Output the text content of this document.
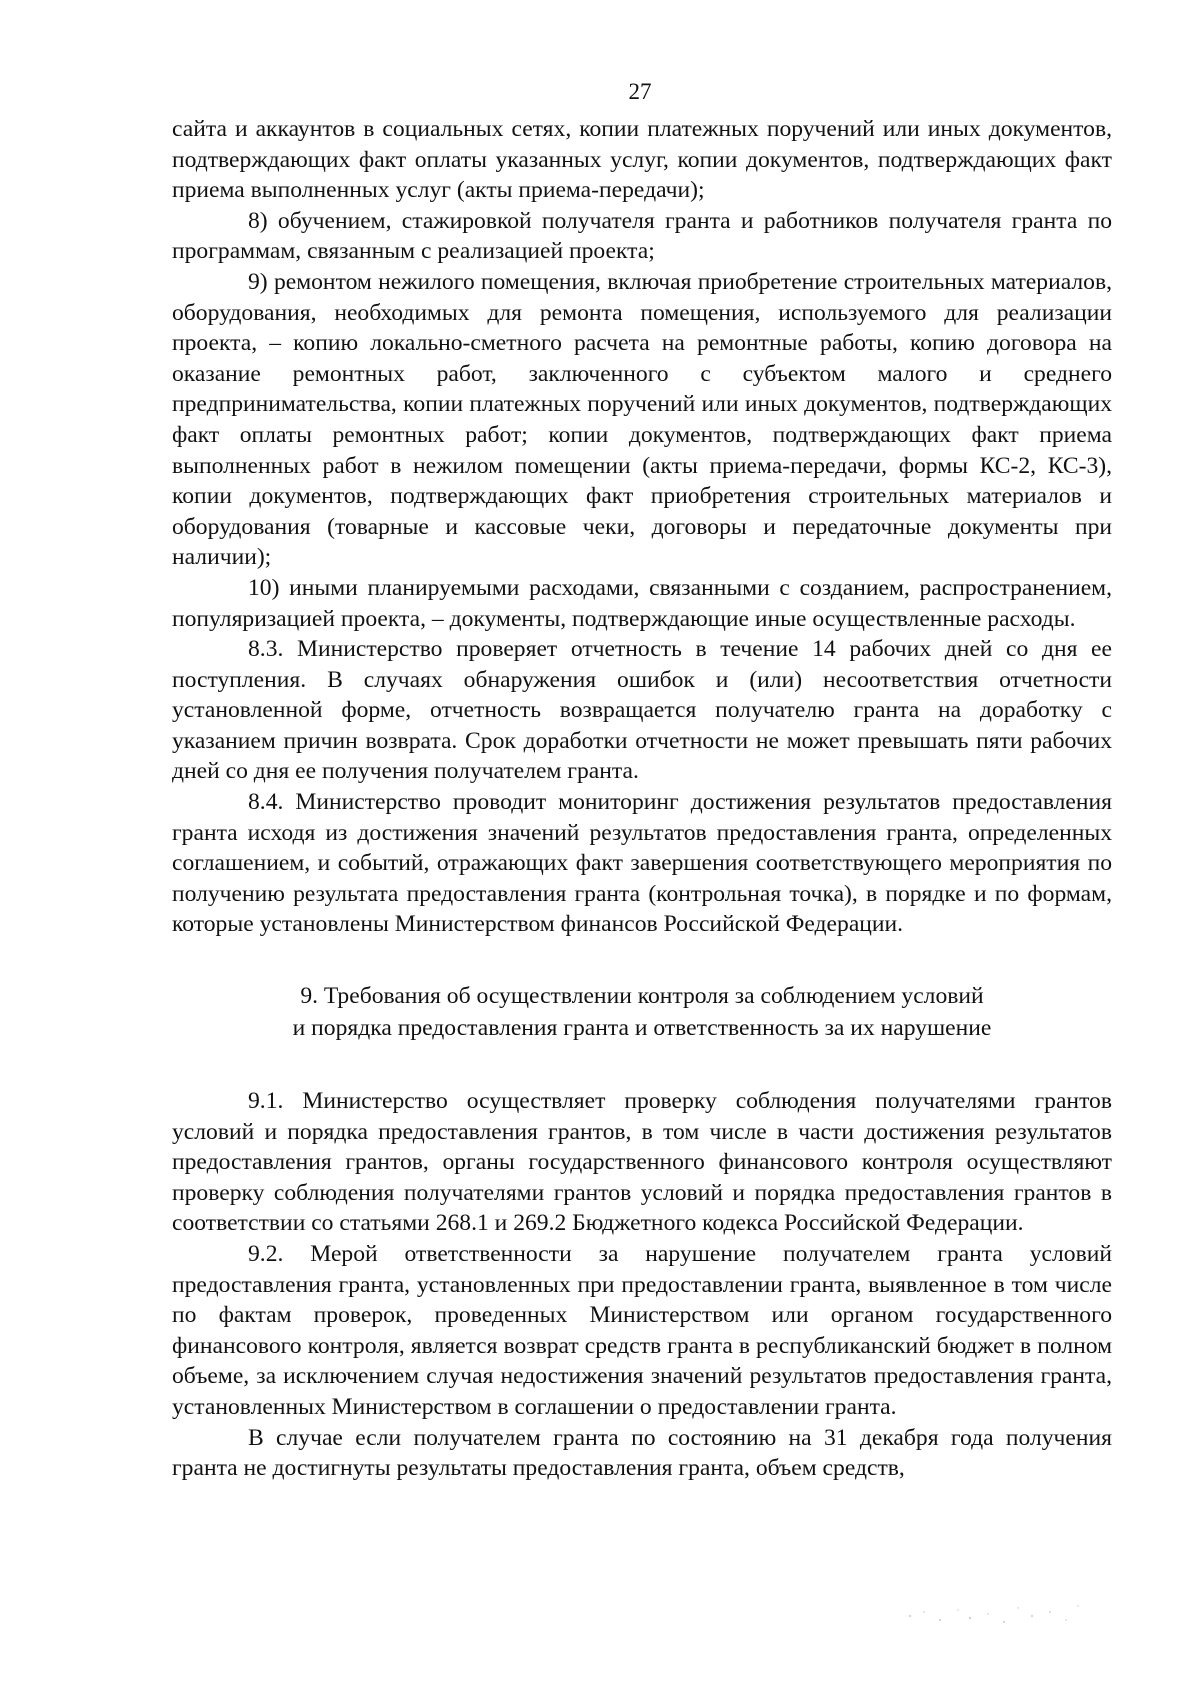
27

сайта и аккаунтов в социальных сетях, копии платежных поручений или иных документов, подтверждающих факт оплаты указанных услуг, копии документов, подтверждающих факт приема выполненных услуг (акты приема-передачи);

8) обучением, стажировкой получателя гранта и работников получателя гранта по программам, связанным с реализацией проекта;

9) ремонтом нежилого помещения, включая приобретение строительных материалов, оборудования, необходимых для ремонта помещения, используемого для реализации проекта, – копию локально-сметного расчета на ремонтные работы, копию договора на оказание ремонтных работ, заключенного с субъектом малого и среднего предпринимательства, копии платежных поручений или иных документов, подтверждающих факт оплаты ремонтных работ; копии документов, подтверждающих факт приема выполненных работ в нежилом помещении (акты приема-передачи, формы КС-2, КС-3), копии документов, подтверждающих факт приобретения строительных материалов и оборудования (товарные и кассовые чеки, договоры и передаточные документы при наличии);

10) иными планируемыми расходами, связанными с созданием, распространением, популяризацией проекта, – документы, подтверждающие иные осуществленные расходы.

8.3. Министерство проверяет отчетность в течение 14 рабочих дней со дня ее поступления. В случаях обнаружения ошибок и (или) несоответствия отчетности установленной форме, отчетность возвращается получателю гранта на доработку с указанием причин возврата. Срок доработки отчетности не может превышать пяти рабочих дней со дня ее получения получателем гранта.

8.4. Министерство проводит мониторинг достижения результатов предоставления гранта исходя из достижения значений результатов предоставления гранта, определенных соглашением, и событий, отражающих факт завершения соответствующего мероприятия по получению результата предоставления гранта (контрольная точка), в порядке и по формам, которые установлены Министерством финансов Российской Федерации.

9. Требования об осуществлении контроля за соблюдением условий
и порядка предоставления гранта и ответственность за их нарушение

9.1. Министерство осуществляет проверку соблюдения получателями грантов условий и порядка предоставления грантов, в том числе в части достижения результатов предоставления грантов, органы государственного финансового контроля осуществляют проверку соблюдения получателями грантов условий и порядка предоставления грантов в соответствии со статьями 268.1 и 269.2 Бюджетного кодекса Российской Федерации.

9.2. Мерой ответственности за нарушение получателем гранта условий предоставления гранта, установленных при предоставлении гранта, выявленное в том числе по фактам проверок, проведенных Министерством или органом государственного финансового контроля, является возврат средств гранта в республиканский бюджет в полном объеме, за исключением случая недостижения значений результатов предоставления гранта, установленных Министерством в соглашении о предоставлении гранта.

В случае если получателем гранта по состоянию на 31 декабря года получения гранта не достигнуты результаты предоставления гранта, объем средств,
